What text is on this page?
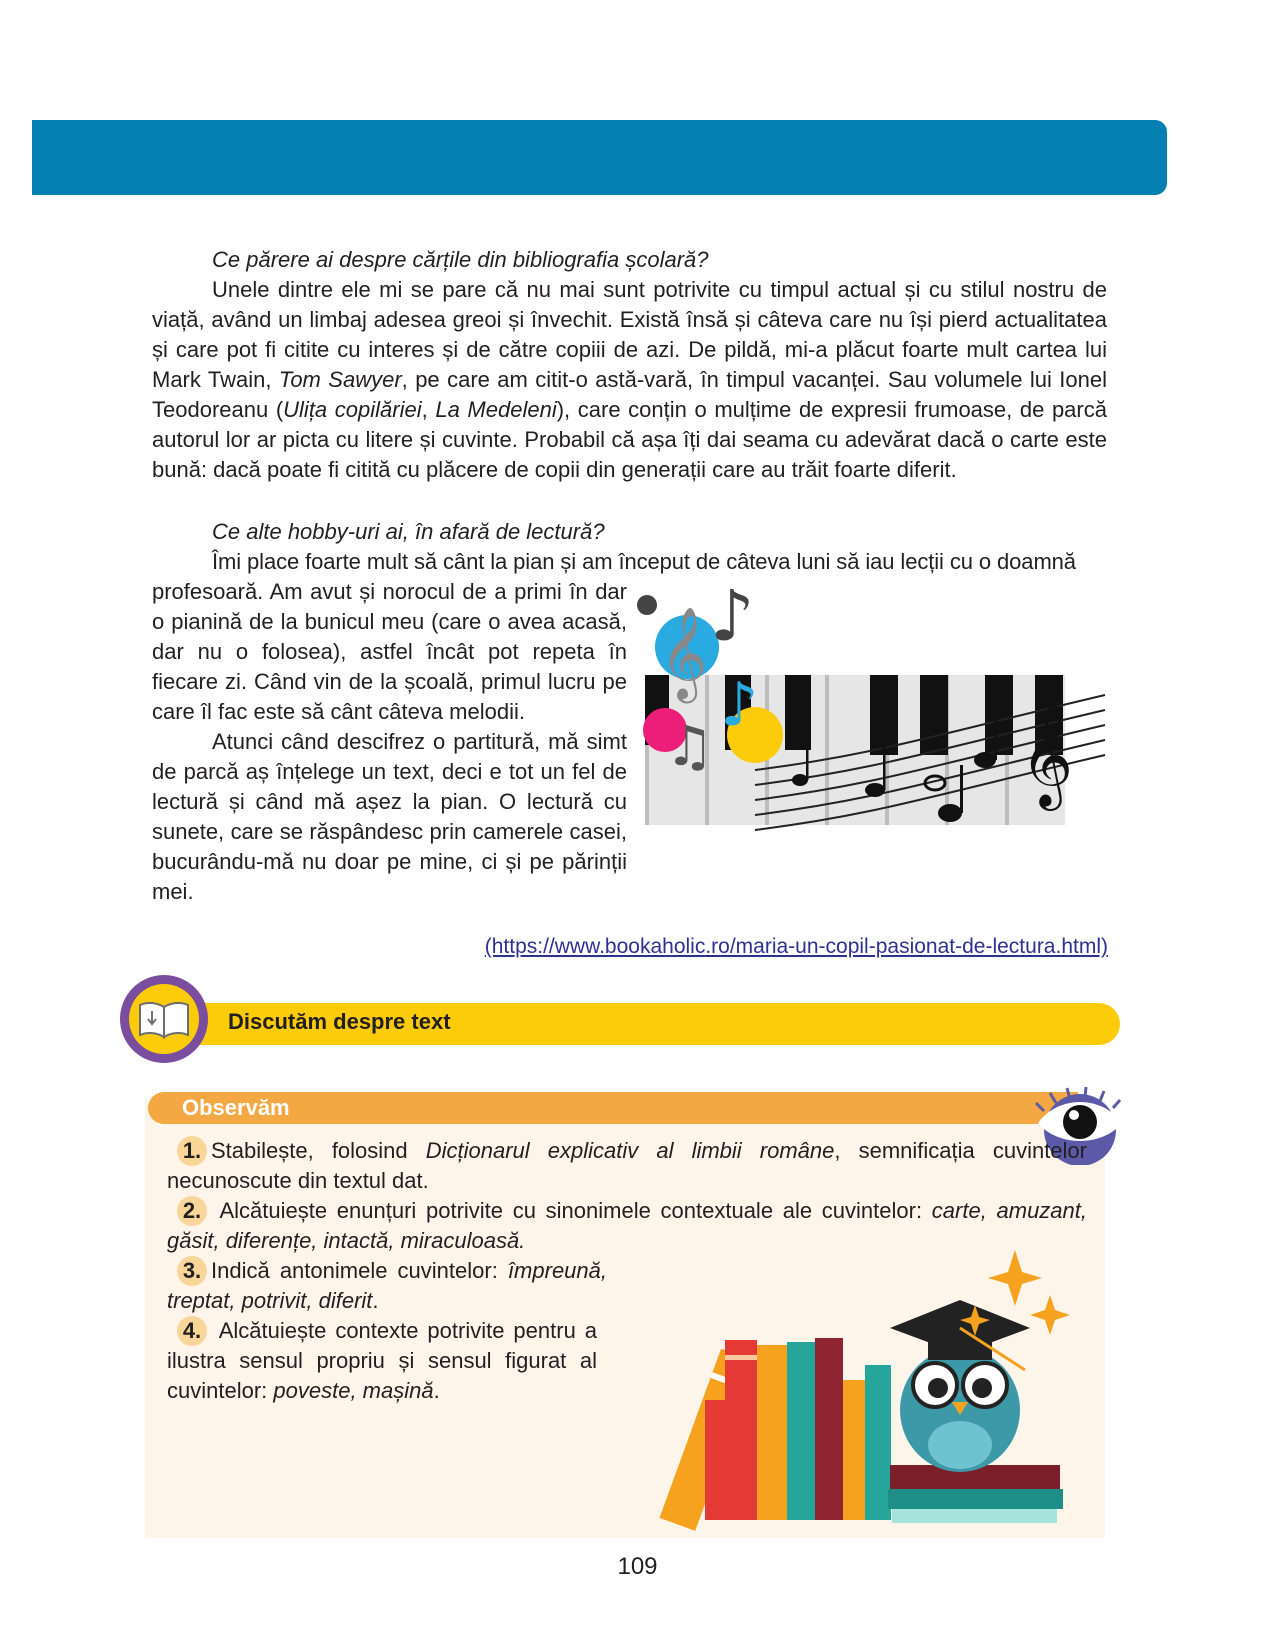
Ce părere ai despre cărțile din bibliografia școlară?

Unele dintre ele mi se pare că nu mai sunt potrivite cu timpul actual și cu stilul nostru de viață, având un limbaj adesea greoi și învechit. Există însă și câteva care nu își pierd actualitatea și care pot fi citite cu interes și de către copiii de azi. De pildă, mi-a plăcut foarte mult cartea lui Mark Twain, Tom Sawyer, pe care am citit-o astă-vară, în timpul vacanței. Sau volumele lui Ionel Teodoreanu (Ulița copilăriei, La Medeleni), care conțin o mulțime de expresii frumoase, de parcă autorul lor ar picta cu litere și cuvinte. Probabil că așa îți dai seama cu adevărat dacă o carte este bună: dacă poate fi citită cu plăcere de copii din generații care au trăit foarte diferit.

Ce alte hobby-uri ai, în afară de lectură?

Îmi place foarte mult să cânt la pian și am început de câteva luni să iau lecții cu o doamnă

profesoară. Am avut și norocul de a primi în dar o pianină de la bunicul meu (care o avea acasă, dar nu o folosea), astfel încât pot repeta în fiecare zi. Când vin de la școală, primul lucru pe care îl fac este să cânt câteva melodii.

Atunci când descifrez o partitură, mă simt de parcă aș înțelege un text, deci e tot un fel de lectură și când mă așez la pian. O lectură cu sunete, care se răspândesc prin camerele casei, bucurându-mă nu doar pe mine, ci și pe părinții mei.

𝄞
𝄞 ♪
♫
♪
(https://www.bookaholic.ro/maria-un-copil-pasionat-de-lectura.html)
Discutăm despre text
Observăm

1. Stabilește, folosind Dicționarul explicativ al limbii române, semnificația cuvintelor necunoscute din textul dat.

2. Alcătuiește enunțuri potrivite cu sinonimele contextuale ale cuvintelor: carte, amuzant, găsit, diferențe, intactă, miraculoasă.

3. Indică antonimele cuvintelor: împreună, treptat, potrivit, diferit.

4. Alcătuiește contexte potrivite pentru a ilustra sensul propriu și sensul figurat al cuvintelor: poveste, mașină.

109
